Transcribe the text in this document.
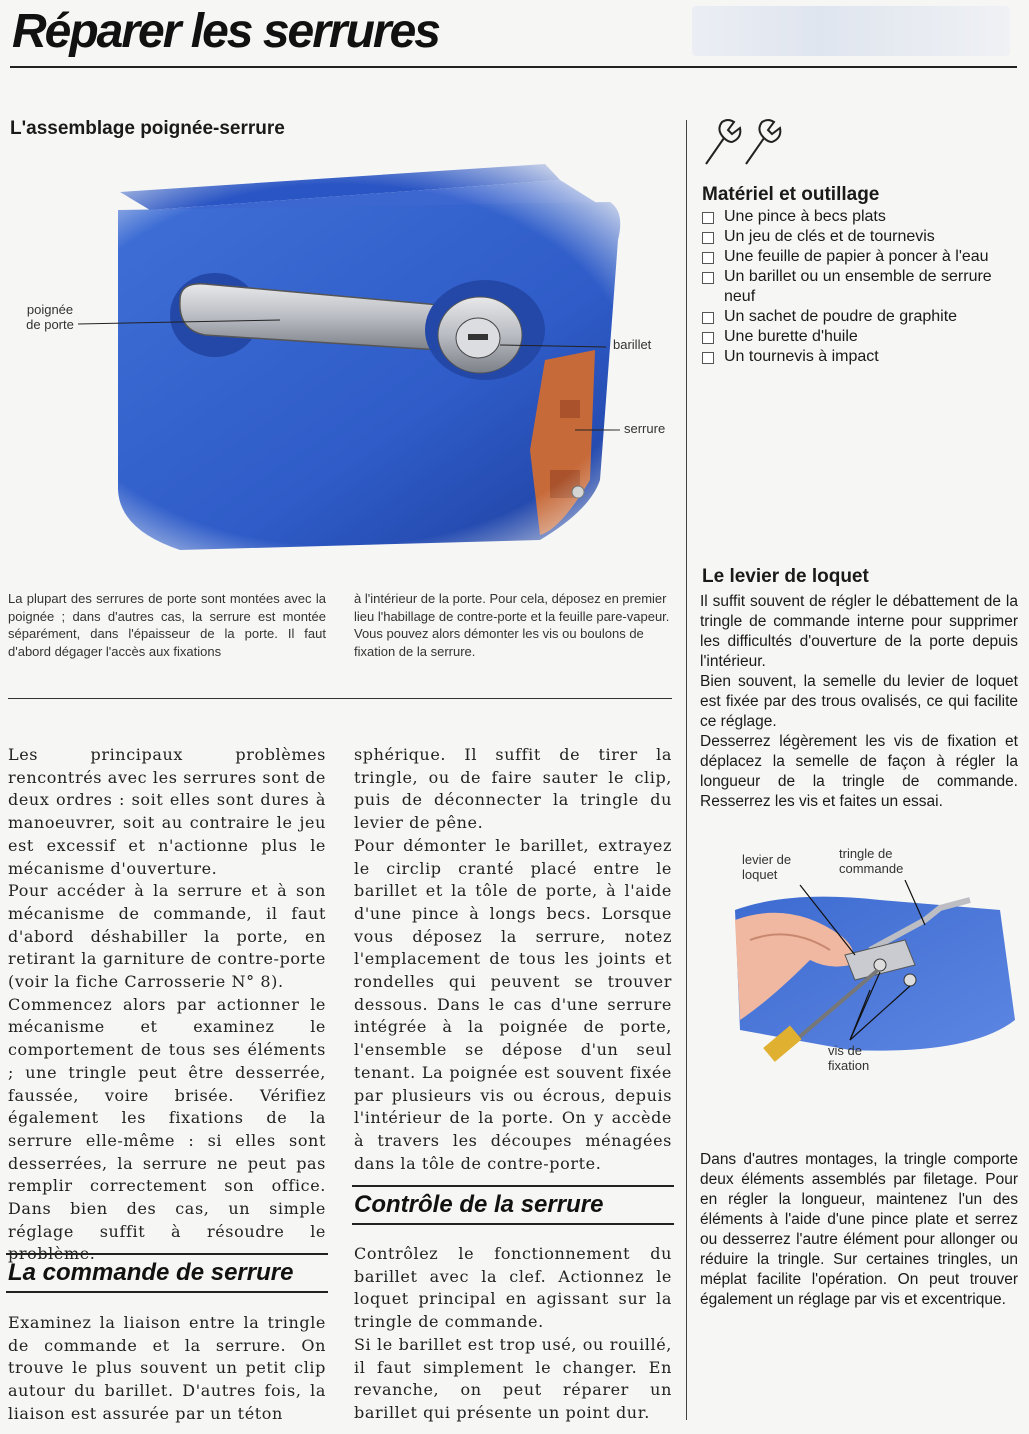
Réparer les serrures
L'assemblage poignée-serrure
poignée
de porte
barillet
serrure
La plupart des serrures de porte sont montées avec la poignée ; dans d'autres cas, la serrure est montée séparément, dans l'épaisseur de la porte. Il faut d'abord dégager l'accès aux fixations
à l'intérieur de la porte. Pour cela, déposez en premier lieu l'habillage de contre-porte et la feuille pare-vapeur. Vous pouvez alors démonter les vis ou boulons de fixation de la serrure.

Les principaux problèmes rencontrés avec les serrures sont de deux ordres : soit elles sont dures à manoeuvrer, soit au contraire le jeu est excessif et n'actionne plus le mécanisme d'ouverture.

Pour accéder à la serrure et à son mécanisme de commande, il faut d'abord déshabiller la porte, en retirant la garniture de contre-porte (voir la fiche Carrosserie N° 8).

Commencez alors par actionner le mécanisme et examinez le comportement de tous ses éléments ; une tringle peut être desserrée, faussée, voire brisée. Vérifiez également les fixations de la serrure elle-même : si elles sont desserrées, la serrure ne peut pas remplir correctement son office. Dans bien des cas, un simple réglage suffit à résoudre le problème.

La commande de serrure

Examinez la liaison entre la tringle de commande et la serrure. On trouve le plus souvent un petit clip autour du barillet. D'autres fois, la liaison est assurée par un téton

sphérique. Il suffit de tirer la tringle, ou de faire sauter le clip, puis de déconnecter la tringle du levier de pêne.

Pour démonter le barillet, extrayez le circlip cranté placé entre le barillet et la tôle de porte, à l'aide d'une pince à longs becs. Lorsque vous déposez la serrure, notez l'emplacement de tous les joints et rondelles qui peuvent se trouver dessous. Dans le cas d'une serrure intégrée à la poignée de porte, l'ensemble se dépose d'un seul tenant. La poignée est souvent fixée par plusieurs vis ou écrous, depuis l'intérieur de la porte. On y accède à travers les découpes ménagées dans la tôle de contre-porte.

Contrôle de la serrure

Contrôlez le fonctionnement du barillet avec la clef. Actionnez le loquet principal en agissant sur la tringle de commande.

Si le barillet est trop usé, ou rouillé, il faut simplement le changer. En revanche, on peut réparer un barillet qui présente un point dur.

Matériel et outillage
Une pince à becs plats
Un jeu de clés et de tournevis
Une feuille de papier à poncer à l'eau
Un barillet ou un ensemble de serrure neuf
Un sachet de poudre de graphite
Une burette d'huile
Un tournevis à impact
Le levier de loquet

Il suffit souvent de régler le débattement de la tringle de commande interne pour supprimer les difficultés d'ouverture de la porte depuis l'intérieur.

Bien souvent, la semelle du levier de loquet est fixée par des trous ovalisés, ce qui facilite ce réglage.

Desserrez légèrement les vis de fixation et déplacez la semelle de façon à régler la longueur de la tringle de commande. Resserrez les vis et faites un essai.

levier de
loquet
tringle de
commande
vis de
fixation

Dans d'autres montages, la tringle comporte deux éléments assemblés par filetage. Pour en régler la longueur, maintenez l'un des éléments à l'aide d'une pince plate et serrez ou desserrez l'autre élément pour allonger ou réduire la tringle. Sur certaines tringles, un méplat facilite l'opération. On peut trouver également un réglage par vis et excentrique.
